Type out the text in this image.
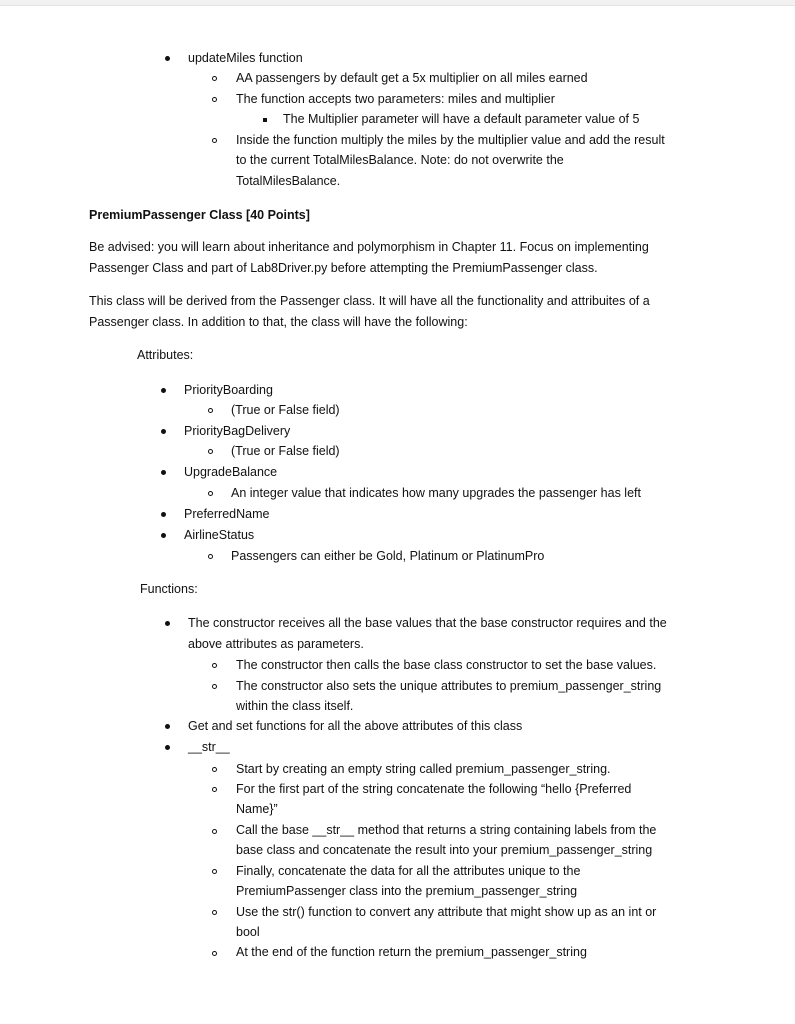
updateMiles function
AA passengers by default get a 5x multiplier on all miles earned
The function accepts two parameters: miles and multiplier
The Multiplier parameter will have a default parameter value of 5
Inside the function multiply the miles by the multiplier value and add the result
to the current TotalMilesBalance. Note: do not overwrite the
TotalMilesBalance.
PremiumPassenger Class [40 Points]
Be advised: you will learn about inheritance and polymorphism in Chapter 11. Focus on implementing
Passenger Class and part of Lab8Driver.py before attempting the PremiumPassenger class.
This class will be derived from the Passenger class. It will have all the functionality and attribuites of a
Passenger class. In addition to that, the class will have the following:
Attributes:
PriorityBoarding
(True or False field)
PriorityBagDelivery
(True or False field)
UpgradeBalance
An integer value that indicates how many upgrades the passenger has left
PreferredName
AirlineStatus
Passengers can either be Gold, Platinum or PlatinumPro
Functions:
The constructor receives all the base values that the base constructor requires and the
above attributes as parameters.
The constructor then calls the base class constructor to set the base values.
The constructor also sets the unique attributes to premium_passenger_string
within the class itself.
Get and set functions for all the above attributes of this class
__str__
Start by creating an empty string called premium_passenger_string.
For the first part of the string concatenate the following “hello {Preferred
Name}”
Call the base __str__ method that returns a string containing labels from the
base class and concatenate the result into your premium_passenger_string
Finally, concatenate the data for all the attributes unique to the
PremiumPassenger class into the premium_passenger_string
Use the str() function to convert any attribute that might show up as an int or
bool
At the end of the function return the premium_passenger_string
